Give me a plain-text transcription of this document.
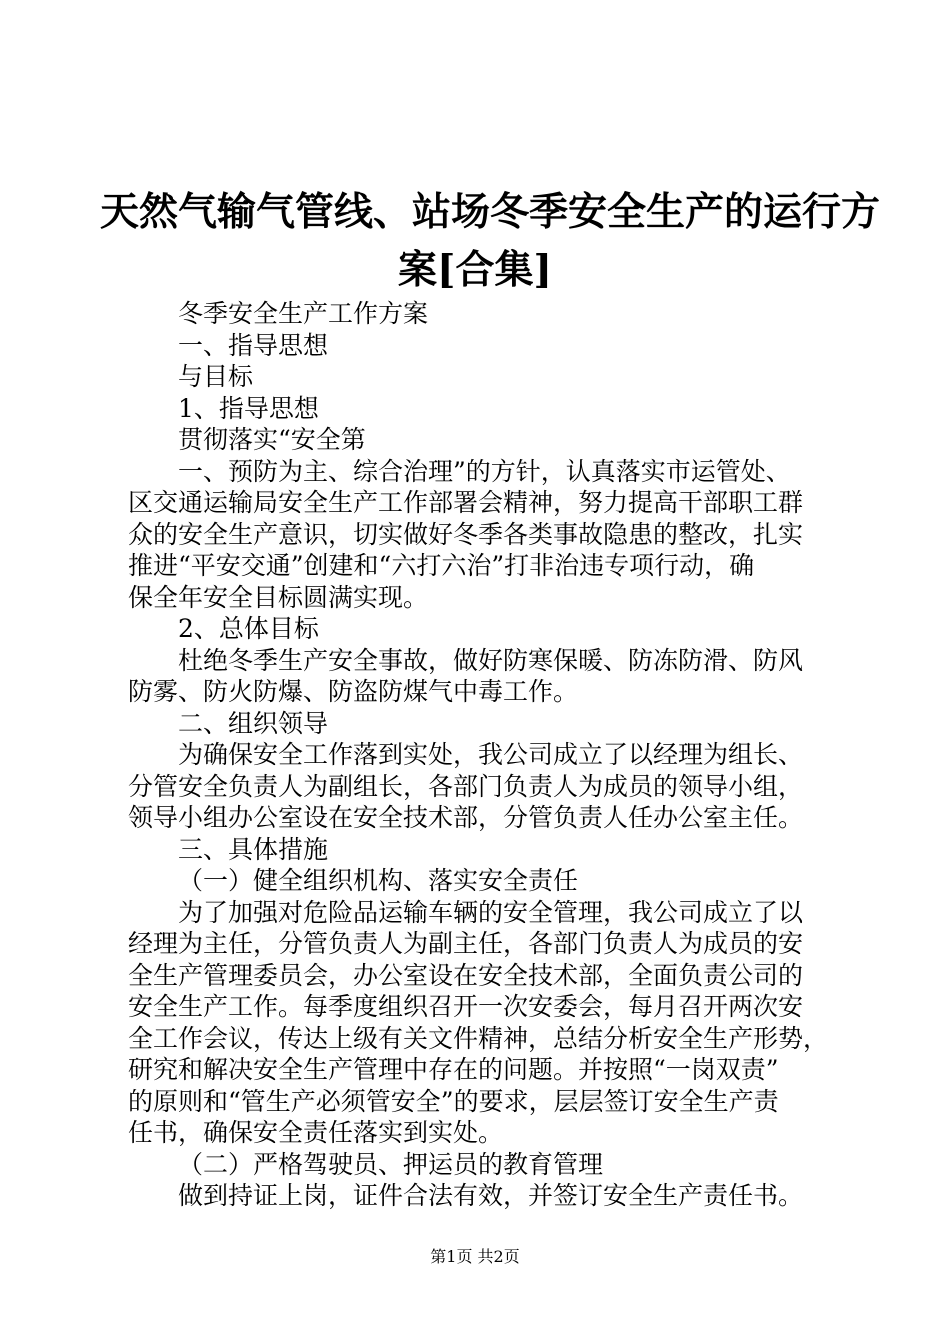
天然气输气管线、站场冬季安全生产的运行方
案[合集]

冬季安全生产工作方案

一、指导思想

与目标

1、指导思想

贯彻落实“安全第

一、预防为主、综合治理”的方针，认真落实市运管处、

区交通运输局安全生产工作部署会精神，努力提高干部职工群

众的安全生产意识，切实做好冬季各类事故隐患的整改，扎实

推进“平安交通”创建和“六打六治”打非治违专项行动，确

保全年安全目标圆满实现。

2、总体目标

杜绝冬季生产安全事故，做好防寒保暖、防冻防滑、防风

防雾、防火防爆、防盗防煤气中毒工作。

二、组织领导

为确保安全工作落到实处，我公司成立了以经理为组长、

分管安全负责人为副组长，各部门负责人为成员的领导小组，

领导小组办公室设在安全技术部，分管负责人任办公室主任。

三、具体措施

（一）健全组织机构、落实安全责任

为了加强对危险品运输车辆的安全管理，我公司成立了以

经理为主任，分管负责人为副主任，各部门负责人为成员的安

全生产管理委员会，办公室设在安全技术部，全面负责公司的

安全生产工作。每季度组织召开一次安委会，每月召开两次安

全工作会议，传达上级有关文件精神，总结分析安全生产形势，

研究和解决安全生产管理中存在的问题。并按照“一岗双责”

的原则和“管生产必须管安全”的要求，层层签订安全生产责

任书，确保安全责任落实到实处。

（二）严格驾驶员、押运员的教育管理

做到持证上岗，证件合法有效，并签订安全生产责任书。

第1页 共2页
